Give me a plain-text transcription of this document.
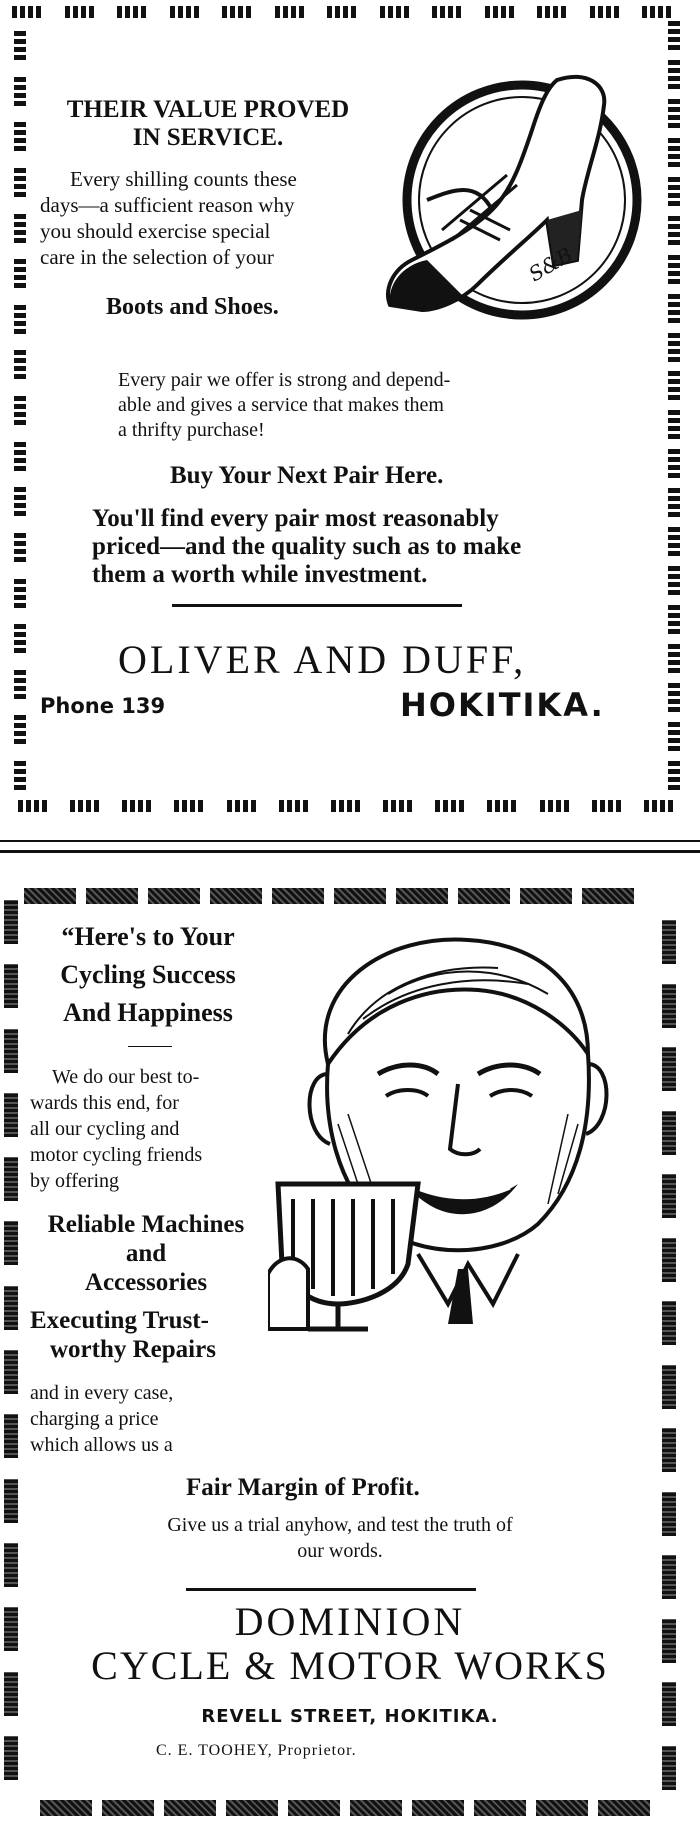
THEIR VALUE PROVED
IN SERVICE.
Every shilling counts these
days—a sufficient reason why
you should exercise special
care in the selection of your
Boots and Shoes.
S&B
Every pair we offer is strong and depend-
able and gives a service that makes them
a thrifty purchase!
Buy Your Next Pair Here.
You'll find every pair most reasonably
priced—and the quality such as to make
them a worth while investment.
OLIVER AND DUFF,
Phone 139	HOKITIKA.
“Here's to Your
Cycling Success
And Happiness
We do our best to-
wards this end, for
all our cycling and
motor cycling friends
by offering
Reliable Machines
and
Accessories
Executing Trust-
worthy Repairs
and in every case,
charging a price
which allows us a
Fair Margin of Profit.
Give us a trial anyhow, and test the truth of
our words.
DOMINION
CYCLE & MOTOR WORKS
REVELL STREET, HOKITIKA.
C. E. TOOHEY, Proprietor.
